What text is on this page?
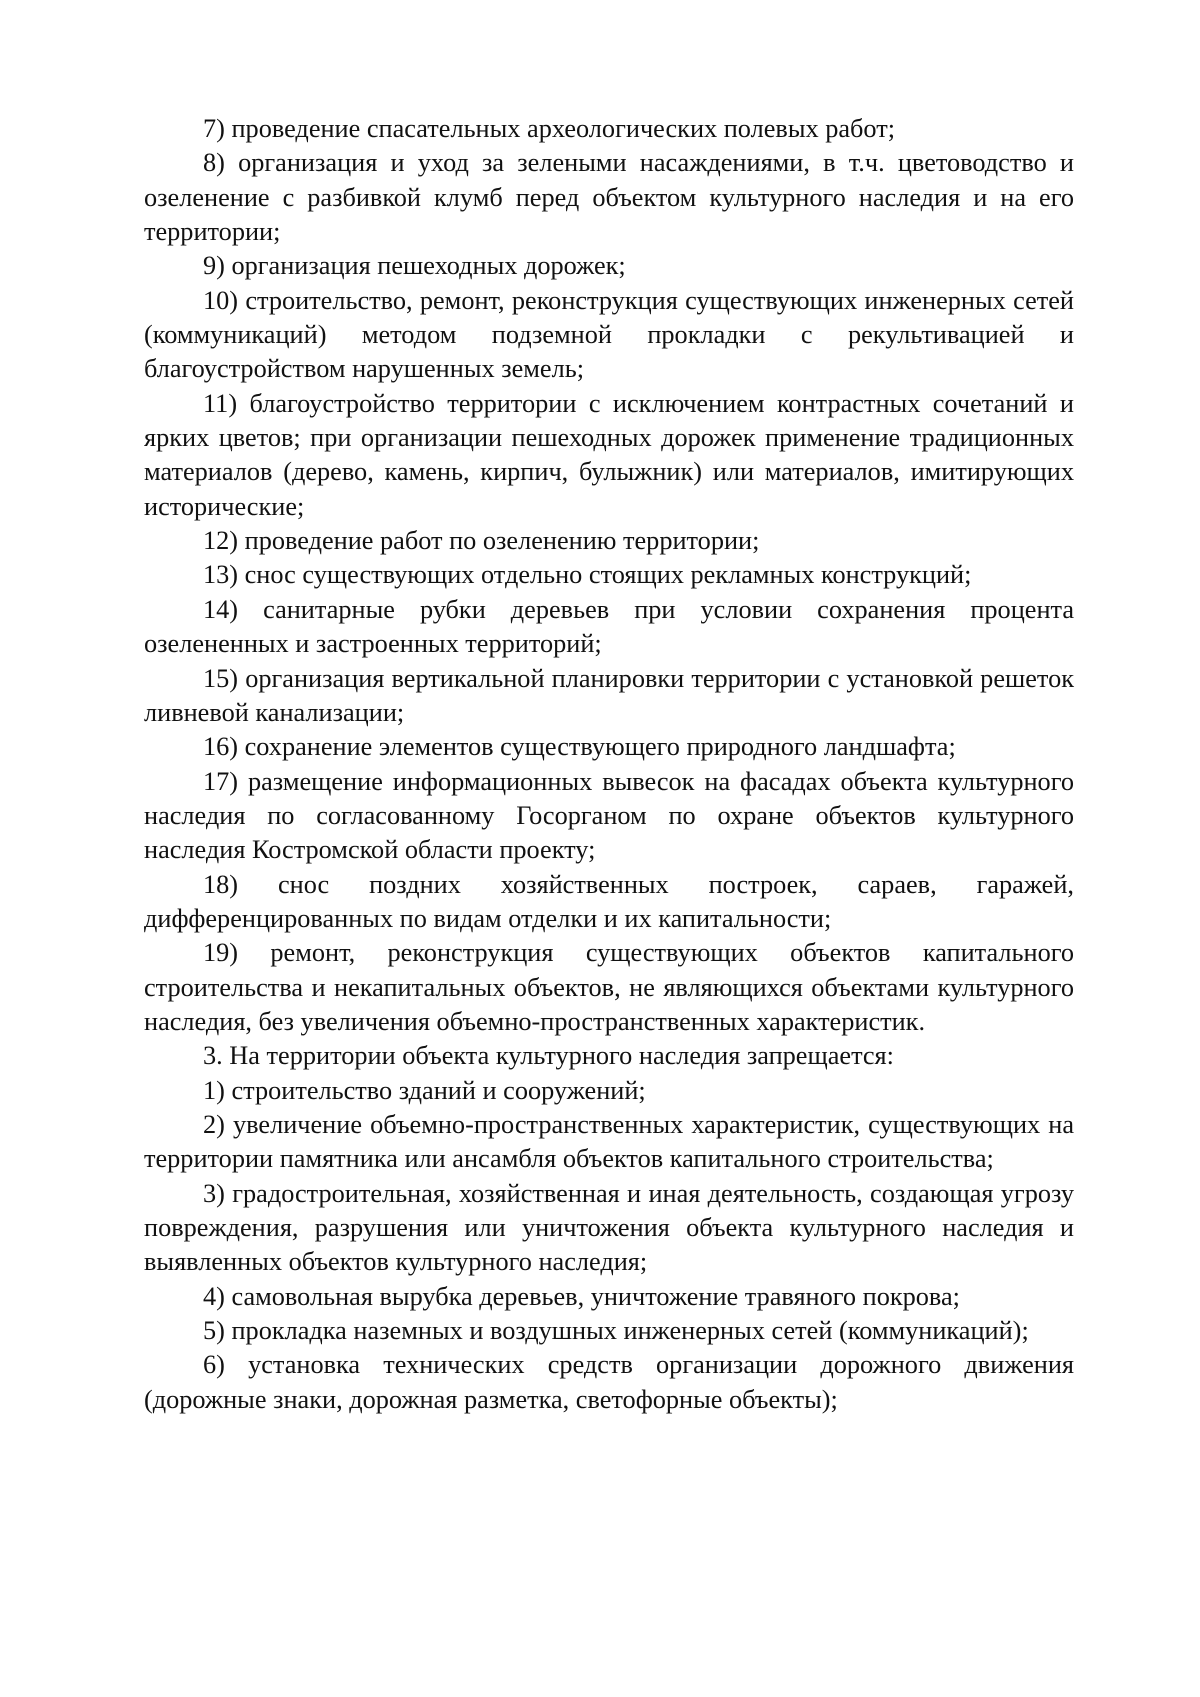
7) проведение спасательных археологических полевых работ;

8) организация и уход за зелеными насаждениями, в т.ч. цветоводство и озеленение с разбивкой клумб перед объектом культурного наследия и на его территории;

9) организация пешеходных дорожек;

10) строительство, ремонт, реконструкция существующих инженерных сетей (коммуникаций) методом подземной прокладки с рекультивацией и благоустройством нарушенных земель;

11) благоустройство территории с исключением контрастных сочетаний и ярких цветов; при организации пешеходных дорожек применение традиционных материалов (дерево, камень, кирпич, булыжник) или материалов, имитирующих исторические;

12) проведение работ по озеленению территории;

13) снос существующих отдельно стоящих рекламных конструкций;

14) санитарные рубки деревьев при условии сохранения процента озелененных и застроенных территорий;

15) организация вертикальной планировки территории с установкой решеток ливневой канализации;

16) сохранение элементов существующего природного ландшафта;

17) размещение информационных вывесок на фасадах объекта культурного наследия по согласованному Госорганом по охране объектов культурного наследия Костромской области проекту;

18) снос поздних хозяйственных построек, сараев, гаражей, дифференцированных по видам отделки и их капитальности;

19) ремонт, реконструкция существующих объектов капитального строительства и некапитальных объектов, не являющихся объектами культурного наследия, без увеличения объемно-пространственных характеристик.

3. На территории объекта культурного наследия запрещается:

1) строительство зданий и сооружений;

2) увеличение объемно-пространственных характеристик, существующих на территории памятника или ансамбля объектов капитального строительства;

3) градостроительная, хозяйственная и иная деятельность, создающая угрозу повреждения, разрушения или уничтожения объекта культурного наследия и выявленных объектов культурного наследия;

4) самовольная вырубка деревьев, уничтожение травяного покрова;

5) прокладка наземных и воздушных инженерных сетей (коммуникаций);

6) установка технических средств организации дорожного движения (дорожные знаки, дорожная разметка, светофорные объекты);
